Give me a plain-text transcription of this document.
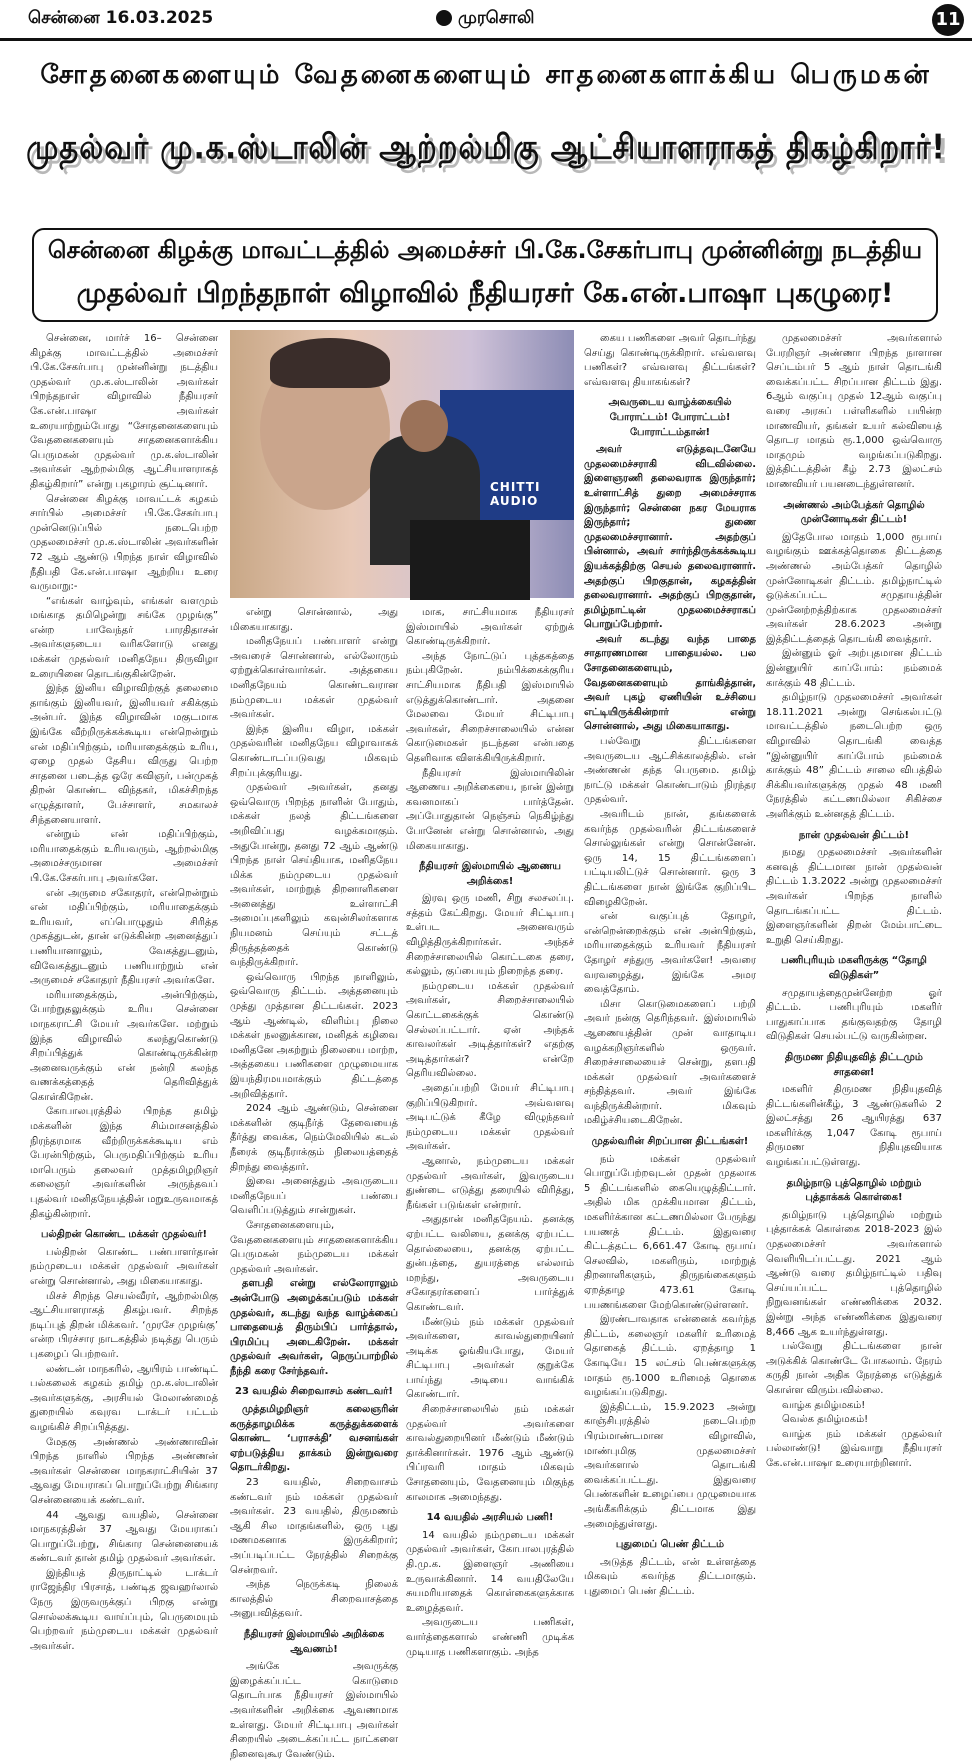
சென்னை 16.03.2025	முரசொலி	11
சோதனைகளையும் வேதனைகளையும் சாதனைகளாக்கிய பெருமகன்
முதல்வர் மு.க.ஸ்டாலின் ஆற்றல்மிகு ஆட்சியாளராகத் திகழ்கிறார்!
சென்னை கிழக்கு மாவட்டத்தில் அமைச்சர் பி.கே.சேகர்பாபு முன்னின்று நடத்திய
முதல்வர் பிறந்தநாள் விழாவில் நீதியரசர் கே.என்.பாஷா புகழுரை!

சென்னை, மார்ச் 16– சென்னை கிழக்கு மாவட்டத்தில் அமைச்சர் பி.கே.சேகர்பாபு முன்னின்று நடத்திய முதல்வர் மு.க.ஸ்டாலின் அவர்கள் பிறந்தநாள் விழாவில் நீதியரசர் கே.என்.பாஷா அவர்கள் உரையாற்றும்போது “சோதனைகளையும் வேதனைகளையும் சாதனைகளாக்கிய பெருமகன் முதல்வர் மு.க.ஸ்டாலின் அவர்கள் ஆற்றல்மிகு ஆட்சியாளராகத் திகழ்கிறார்” என்று புகழாரம் சூட்டினார்.

சென்னை கிழக்கு மாவட்டக் கழகம் சார்பில் அமைச்சர் பி.கே.சேகர்பாபு முன்னெடுப்பில் நடைபெற்ற முதலமைச்சர் மு.க.ஸ்டாலின் அவர்களின் 72 ஆம் ஆண்டு பிறந்த நாள் விழாவில் நீதிபதி கே.என்.பாஷா ஆற்றிய உரை வருமாறு:-

“எங்கள் வாழ்வும், எங்கள் வளமும் மங்காத தமிழென்று சங்கே முழங்கு” என்ற பாவேந்தர் பாரதிதாசன் அவர்களுடைய வரிகளோடு எனது மக்கள் முதல்வர் மனிதநேய திருவிழா உரையினை தொடங்குகின்றேன்.

இந்த இனிய விழாவிற்குத் தலைமை தாங்கும் இனியவர், இனியவர் சகிக்கும் அன்பர். இந்த விழாவின் மகுடமாக இங்கே வீற்றிருக்கக்கூடிய என்றென்றும் என் மதிப்பிற்கும், மரியாதைக்கும் உரிய, ஏழை முதல் தேசிய விருது பெற்ற சாதனை படைத்த ஒரே கவிஞர், பன்முகத் திறன் கொண்ட விந்தகர், மிகச்சிறந்த எழுத்தாளர், பேச்சாளர், சமகாலச் சிந்தனையாளர்.

என்றும் என் மதிப்பிற்கும், மரியாதைக்கும் உரியவரும், ஆற்றல்மிகு அமைச்சருமான அமைச்சர் பி.கே.சேகர்பாபு அவர்களே.

என் அருமை சகோதரர், என்றென்றும் என் மதிப்பிற்கும், மரியாதைக்கும் உரியவர், எப்பொழுதும் சிரித்த முகத்துடன், தான் எடுக்கின்ற அனைத்துப் பணியானாலும், வேகத்துடனும், விவேகத்துடனும் பணியாற்றும் என் அருமைச் சகோதரர் நீதியரசர் அவர்களே.

மரியாதைக்கும், அன்பிற்கும், போற்றுதலுக்கும் உரிய சென்னை மாநகராட்சி மேயர் அவர்களே. மற்றும் இந்த விழாவில் கலந்துகொண்டு சிறப்பித்துக் கொண்டிருக்கின்ற அனைவருக்கும் என் நன்றி கலந்த வணக்கத்தைத் தெரிவித்துக் கொள்கிறேன்.

கோபாலபுரத்தில் பிறந்த தமிழ் மக்களின் இந்த சிம்மாசனத்தில் நிரந்தரமாக வீற்றிருக்கக்கூடிய எம் பேரன்பிற்கும், பெருமதிப்பிற்கும் உரிய மாபெரும் தலைவர் முத்தமிழறிஞர் கலைஞர் அவர்களின் அருந்தவப் புதல்வர் மனிதநேயத்தின் மறுஉருவமாகத் திகழ்கின்றார்.

பல்திறன் கொண்ட மக்கள் முதல்வர்!

பல்திறன் கொண்ட பண்பாளர்தான் நம்முடைய மக்கள் முதல்வர் அவர்கள் என்று சொன்னால், அது மிகையாகாது.

மிசச் சிறந்த செயல்வீரர், ஆற்றல்மிகு ஆட்சியாளராகத் திகழ்பவர். சிறந்த நடிப்புத் திறன் மிக்கவர். ‘முரசே முழங்கு’ என்ற பிரச்சார நாடகத்தில் நடித்து பெரும் புகழைப் பெற்றவர்.

லண்டன் மாநகரில், ஆயிரம் பாண்டிட் பல்கலைக் கழகம் தமிழ் மு.க.ஸ்டாலின் அவர்களுக்கு, அரசியல் மேலாண்மைத் துறையில் கவுரவ டாக்டர் பட்டம் வழங்கிச் சிறப்பித்தது.

மேதகு அண்ணல் அண்ணாவின் பிறந்த நாளில் பிறந்த அண்ணன் அவர்கள் சென்னை மாநகராட்சியின் 37 ஆவது மேயராகப் பொறுப்பேற்று சிங்கார சென்னையைக் கண்டவர்.

44 ஆவது வயதில், சென்னை மாநகரத்தின் 37 ஆவது மேயராகப் பொறுப்பேற்று, சிங்கார சென்னையைக் கண்டவர் தான் தமிழ் முதல்வர் அவர்கள்.

இந்தியத் திருநாட்டில் டாக்டர் ராஜேந்திர பிரசாத், பண்டித ஜவஹர்லால் நேரு இருவருக்குப் பிறகு என்று சொல்லக்கூடிய வாய்ப்பும், பெருமையும் பெற்றவர் நம்முடைய மக்கள் முதல்வர் அவர்கள்.

CHITTI AUDIO

என்று சொன்னால், அது மிகையாகாது.

மனிதநேயப் பண்பாளர் என்று அவரைச் சொன்னால், எல்லோரும் ஏற்றுக்கொள்வார்கள். அத்தகைய மனிதநேயம் கொண்டவரான நம்முடைய மக்கள் முதல்வர் அவர்கள்.

இந்த இனிய விழா, மக்கள் முதல்வரின் மனிதநேய விழாவாகக் கொண்டாடப்படுவது மிகவும் சிறப்புக்குரியது.

முதல்வர் அவர்கள், தனது ஒவ்வொரு பிறந்த நாளின் போதும், மக்கள் நலத் திட்டங்களை அறிவிப்பது வழக்கமாகும். அதுபோன்று, தனது 72 ஆம் ஆண்டு பிறந்த நாள் செய்தியாக, மனிதநேய மிக்க நம்முடைய முதல்வர் அவர்கள், மாற்றுத் திறனாளிகளை அனைத்து உள்ளாட்சி அமைப்புகளிலும் கவுன்சிலர்களாக நியமனம் செய்யும் சட்டத் திருத்தத்தைக் கொண்டு வந்திருக்கிறார்.

ஒவ்வொரு பிறந்த நாளிலும், ஒவ்வொரு திட்டம். அத்தனையும் முத்து முத்தான திட்டங்கள். 2023 ஆம் ஆண்டில், விளிம்பு நிலை மக்கள் நலனுக்கான, மனிதக் கழிவை மனிதனே அகற்றும் நிலையை மாற்ற, அத்தகைய பணிகளை முழுமையாக இயந்திரமயமாக்கும் திட்டத்தை அறிவித்தார்.

2024 ஆம் ஆண்டும், சென்னை மக்களின் குடிநீர்த் தேவையைத் தீர்த்து வைக்க, நெம்மேலியில் கடல் நீரைக் குடிநீராக்கும் நிலையத்தைத் திறந்து வைத்தார்.

இவை அனைத்தும் அவருடைய மனிதநேயப் பண்பை வெளிப்படுத்தும் சான்றுகள்.

சோதனைகளையும், வேதனைகளையும் சாதனைகளாக்கிய பெருமகன் நம்முடைய மக்கள் முதல்வர் அவர்கள்.

தளபதி என்று எல்லோராலும் அன்போடு அழைக்கப்படும் மக்கள் முதல்வர், கடந்து வந்த வாழ்க்கைப் பாதையைத் திரும்பிப் பார்த்தால், பிரமிப்பு அடைகிறேன். மக்கள் முதல்வர் அவர்கள், நெருப்பாற்றில் நீந்தி கரை சேர்ந்தவர்.

23 வயதில் சிறைவாசம் கண்டவர்!

முத்தமிழறிஞர் கலைஞரின் கருத்தாழமிக்க கருத்துக்களைக் கொண்ட ‘பராசக்தி’ வசனங்கள் ஏற்படுத்திய தாக்கம் இன்றுவரை தொடர்கிறது.

23 வயதில், சிறைவாசம் கண்டவர் நம் மக்கள் முதல்வர் அவர்கள். 23 வயதில், திருமணம் ஆகி சில மாதங்களில், ஒரு புது மணமகனாக இருக்கிறார்; அப்படிப்பட்ட நேரத்தில் சிறைக்கு சென்றவர்.

அந்த நெருக்கடி நிலைக் காலத்தில் சிறைவாசத்தை அனுபவித்தவர்.

நீதியரசர் இஸ்மாயில் அறிக்கை ஆவணம்!

அங்கே அவருக்கு இழைக்கப்பட்ட கொடுமை தொடர்பாக நீதியரசர் இஸ்மாயில் அவர்களின் அறிக்கை ஆவணமாக உள்ளது. மேயர் சிட்டிபாபு அவர்கள் சிறையில் அடைக்கப்பட்ட நாட்களை நினைவுகூர வேண்டும்.

மாக, சாட்சியமாக நீதியரசர் இஸ்மாயில் அவர்கள் ஏற்றுக் கொண்டிருக்கிறார்.

அந்த நோட்டுப் புத்தகத்தை நம்புகிறேன். நம்பிக்கைக்குரிய சாட்சியமாக நீதிபதி இஸ்மாயில் எடுத்துக்கொண்டார். அதனை மேலவை மேயர் சிட்டிபாபு அவர்கள், சிறைச்சாலையில் என்ன கொடுமைகள் நடந்தன என்பதை தெளிவாக விளக்கியிருக்கிறார்.

நீதியரசர் இஸ்மாயிலின் ஆணைய அறிக்கையை, நான் இன்று கவனமாகப் பார்த்தேன். அப்போதுதான் நெஞ்சம் நெகிழ்ந்து போனேன் என்று சொன்னால், அது மிகையாகாது.

நீதியரசர் இஸ்மாயில் ஆணைய அறிக்கை!

இரவு ஒரு மணி, சிறு சலசலப்பு. சத்தம் கேட்கிறது. மேயர் சிட்டிபாபு உள்பட அனைவரும் விழித்திருக்கிறார்கள். அந்தச் சிறைச்சாலையில் கொட்டகை தரை, கல்லும், குப்பையும் நிறைந்த தரை.

நம்முடைய மக்கள் முதல்வர் அவர்கள், சிறைச்சாலையில் கொட்டகைக்குக் கொண்டு செல்லப்பட்டார். ஏன் அந்தக் காவலர்கள் அடித்தார்கள்? எதற்கு அடித்தார்கள்? என்றே தெரியவில்லை.

அதைப்பற்றி மேயர் சிட்டிபாபு குறிப்பிடுகிறார். அவ்வளவு அடிபட்டுக் கீழே விழுந்தவர் நம்முடைய மக்கள் முதல்வர் அவர்கள்.

ஆனால், நம்முடைய மக்கள் முதல்வர் அவர்கள், இவருடைய துண்டை எடுத்து தரையில் விரித்து, நீங்கள் படுங்கள் என்றார்.

அதுதான் மனிதநேயம். தனக்கு ஏற்பட்ட வலியை, தனக்கு ஏற்பட்ட தொல்லையை, தனக்கு ஏற்பட்ட துன்பத்தை, துயரத்தை எல்லாம் மறந்து, அவருடைய சகோதரர்களைப் பார்த்துக் கொண்டவர்.

மீண்டும் நம் மக்கள் முதல்வர் அவர்களை, காவல்துறையினர் அடிக்க ஓங்கியபோது, மேயர் சிட்டிபாபு அவர்கள் குறுக்கே பாய்ந்து அடியை வாங்கிக் கொண்டார்.

சிறைச்சாலையில் நம் மக்கள் முதல்வர் அவர்களை காவல்துறையினர் மீண்டும் மீண்டும் தாக்கினார்கள். 1976 ஆம் ஆண்டு பிப்ரவரி மாதம் மிகவும் சோதனையும், வேதனையும் மிகுந்த காலமாக அமைந்தது.

14 வயதில் அரசியல் பணி!

14 வயதில் நம்முடைய மக்கள் முதல்வர் அவர்கள், கோபாலபுரத்தில் தி.மு.க. இளைஞர் அணியை உருவாக்கினார். 14 வயதிலேயே சுயமரியாதைக் கொள்கைகளுக்காக உழைத்தவர்.

அவருடைய பணிகள், வார்த்தைகளால் எண்ணி முடிக்க முடியாத பணிகளாகும். அந்த

கைய பணிகளை அவர் தொடர்ந்து செய்து கொண்டிருக்கிறார். எவ்வளவு பணிகள்? எவ்வளவு திட்டங்கள்? எவ்வளவு தியாகங்கள்?

அவருடைய வாழ்க்கையில் போராட்டம்! போராட்டம்! போராட்டம்தான்!

அவர் எடுத்தவுடனேயே முதலமைச்சராகி விடவில்லை. இளைஞரணி தலைவராக இருந்தார்; உள்ளாட்சித் துறை அமைச்சராக இருந்தார்; சென்னை நகர மேயராக இருந்தார்; துணை முதலமைச்சரானார். அதற்குப் பின்னால், அவர் சார்ந்திருக்கக்கூடிய இயக்கத்திற்கு செயல் தலைவரானார். அதற்குப் பிறகுதான், கழகத்தின் தலைவரானார். அதற்குப் பிறகுதான், தமிழ்நாட்டின் முதலமைச்சராகப் பொறுப்பேற்றார்.

அவர் கடந்து வந்த பாதை சாதாரணமான பாதையல்ல. பல சோதனைகளையும், வேதனைகளையும் தாங்கித்தான், அவர் புகழ் ஏணியின் உச்சியை எட்டியிருக்கின்றார் என்று சொன்னால், அது மிகையாகாது.

பல்வேறு திட்டங்களை அவருடைய ஆட்சிக்காலத்தில். என் அண்ணன் தந்த பெருமை. தமிழ் நாட்டு மக்கள் கொண்டாடும் நிரந்தர முதல்வர்.

அவரிடம் நான், தங்களைக் கவர்ந்த முதல்வரின் திட்டங்களைச் சொல்லுங்கள் என்று சொன்னேன். ஒரு 14, 15 திட்டங்களைப் பட்டியலிட்டுச் சொன்னார். ஒரு 3 திட்டங்களை நான் இங்கே குறிப்பிட விழைகிறேன்.

என் வகுப்புத் தோழர், என்றென்றைக்கும் என் அன்பிற்கும், மரியாதைக்கும் உரியவர் நீதியரசர் தோழர் சந்துரு அவர்களே! அவரை வரவழைத்து, இங்கே அமர வைத்தோம்.

மிசா கொடுமைகளைப் பற்றி அவர் நன்கு தெரிந்தவர். இஸ்மாயில் ஆணையத்தின் முன் வாதாடிய வழக்கறிஞர்களில் ஒருவர். சிறைச்சாலையைச் சென்று, தளபதி மக்கள் முதல்வர் அவர்களைச் சந்தித்தவர். அவர் இங்கே வந்திருக்கின்றார். மிகவும் மகிழ்ச்சியடைகிறேன்.

முதல்வரின் சிறப்பான திட்டங்கள்!

நம் மக்கள் முதல்வர் பொறுப்பேற்றவுடன் முதன் முதலாக 5 திட்டங்களில் கையெழுத்திட்டார். அதில் மிக முக்கியமான திட்டம், மகளிர்க்கான கட்டணமில்லா பேருந்து பயணத் திட்டம். இதுவரை கிட்டத்தட்ட 6,661.47 கோடி ரூபாய் செலவில், மகளிரும், மாற்றுத் திறனாளிகளும், திருநங்கைகளும் ஏறத்தாழ 473.61 கோடி பயணங்களை மேற்கொண்டுள்ளனர்.

இரண்டாவதாக என்னைக் கவர்ந்த திட்டம், கலைஞர் மகளிர் உரிமைத் தொகைத் திட்டம். ஏறத்தாழ 1 கோடியே 15 லட்சம் பெண்களுக்கு மாதம் ரூ.1000 உரிமைத் தொகை வழங்கப்படுகிறது.

இத்திட்டம், 15.9.2023 அன்று காஞ்சிபுரத்தில் நடைபெற்ற பிரம்மாண்டமான விழாவில், மாண்புமிகு முதலமைச்சர் அவர்களால் தொடங்கி வைக்கப்பட்டது. இதுவரை பெண்களின் உழைப்பை முழுமையாக அங்கீகரிக்கும் திட்டமாக இது அமைந்துள்ளது.

புதுமைப் பெண் திட்டம்

அடுத்த திட்டம், என் உள்ளத்தை மிகவும் கவர்ந்த திட்டமாகும். புதுமைப் பெண் திட்டம்.

முதலமைச்சர் அவர்களால் பேரறிஞர் அண்ணா பிறந்த நாளான செப்டம்பர் 5 ஆம் நாள் தொடங்கி வைக்கப்பட்ட சிறப்பான திட்டம் இது. 6ஆம் வகுப்பு முதல் 12ஆம் வகுப்பு வரை அரசுப் பள்ளிகளில் பயின்ற மாணவியர், தங்கள் உயர் கல்வியைத் தொடர மாதம் ரூ.1,000 ஒவ்வொரு மாதமும் வழங்கப்படுகிறது. இத்திட்டத்தின் கீழ் 2.73 இலட்சம் மாணவியர் பயனடைந்துள்ளனர்.

அண்ணல் அம்பேத்கர் தொழில் முன்னோடிகள் திட்டம்!

இதேபோல மாதம் 1,000 ரூபாய் வழங்கும் ஊக்கத்தொகை திட்டத்தை அண்ணல் அம்பேத்கர் தொழில் முன்னோடிகள் திட்டம். தமிழ்நாட்டில் ஒடுக்கப்பட்ட சமுதாயத்தின் முன்னேற்றத்திற்காக முதலமைச்சர் அவர்கள் 28.6.2023 அன்று இத்திட்டத்தைத் தொடங்கி வைத்தார்.

இன்னும் ஓர் அற்புதமான திட்டம் இன்னுயிர் காப்போம்: நம்மைக் காக்கும் 48 திட்டம்.

தமிழ்நாடு முதலமைச்சர் அவர்கள் 18.11.2021 அன்று செங்கல்பட்டு மாவட்டத்தில் நடைபெற்ற ஒரு விழாவில் தொடங்கி வைத்த “இன்னுயிர் காப்போம் நம்மைக் காக்கும் 48” திட்டம் சாலை விபத்தில் சிக்கியவர்களுக்கு முதல் 48 மணி நேரத்தில் கட்டணமில்லா சிகிச்சை அளிக்கும் உன்னதத் திட்டம்.

நான் முதல்வன் திட்டம்!

நமது முதலமைச்சர் அவர்களின் கனவுத் திட்டமான நான் முதல்வன் திட்டம் 1.3.2022 அன்று முதலமைச்சர் அவர்கள் பிறந்த நாளில் தொடங்கப்பட்ட திட்டம். இளைஞர்களின் திறன் மேம்பாட்டை உறுதி செய்கிறது.

பணிபுரியும் மகளிருக்கு “தோழி விடுதிகள்”

சமுதாயத்தைமுன்னேற்ற ஓர் திட்டம். பணிபுரியும் மகளிர் பாதுகாப்பாக தங்குவதற்கு தோழி விடுதிகள் செயல்பட்டு வருகின்றன.

திருமண நிதியுதவித் திட்டமும் சாதனை!

மகளிர் திருமண நிதியுதவித் திட்டங்களின்கீழ், 3 ஆண்டுகளில் 2 இலட்சத்து 26 ஆயிரத்து 637 மகளிர்க்கு 1,047 கோடி ரூபாய் திருமண நிதியுதவியாக வழங்கப்பட்டுள்ளது.

தமிழ்நாடு புத்தொழில் மற்றும் புத்தாக்கக் கொள்கை!

தமிழ்நாடு புத்தொழில் மற்றும் புத்தாக்கக் கொள்கை 2018-2023 இல் முதலமைச்சர் அவர்களால் வெளியிடப்பட்டது. 2021 ஆம் ஆண்டு வரை தமிழ்நாட்டில் பதிவு செய்யப்பட்ட புத்தொழில் நிறுவனங்கள் எண்ணிக்கை 2032. இன்று அந்த எண்ணிக்கை இதுவரை 8,466 ஆக உயர்ந்துள்ளது.

பல்வேறு திட்டங்களை நான் அடுக்கிக் கொண்டே போகலாம். நேரம் கருதி நான் அதிக நேரத்தை எடுத்துக் கொள்ள விரும்பவில்லை.

வாழ்க தமிழ்மகம்!

வெல்க தமிழ்மகம்!

வாழ்க நம் மக்கள் முதல்வர் பல்லாண்டு! இவ்வாறு நீதியரசர் கே.என்.பாஷா உரையாற்றினார்.
